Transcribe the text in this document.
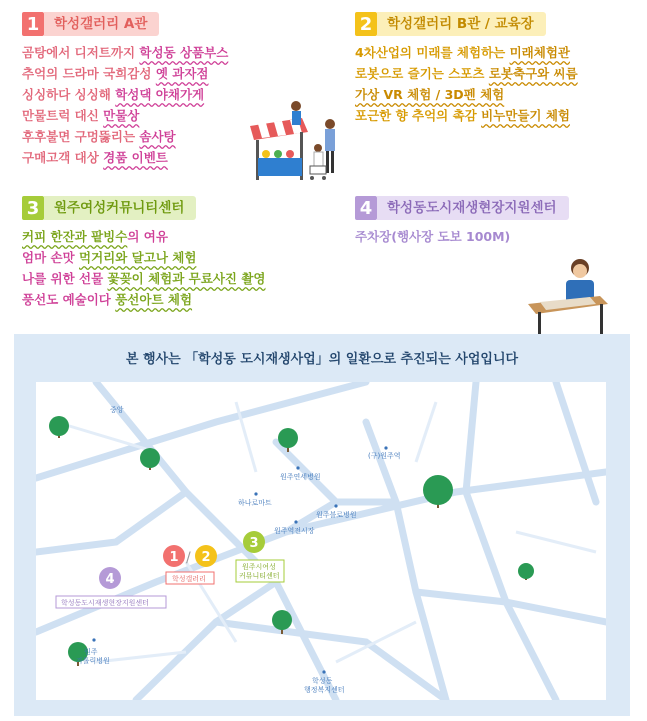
1	학성갤러리 A관
곰탕에서 디저트까지 학성동 상품부스
추억의 드라마 국희감성 옛 과자점
싱싱하다 싱싱해 학성댁 야채가게
만물트럭 대신 만물상
후후불면 구멍뚫리는 솜사탕
구매고객 대상 경품 이벤트
2	학성갤러리 B관 / 교육장
4차산업의 미래를 체험하는 미래체험관
로봇으로 즐기는 스포츠 로봇축구와 씨름
가상 VR 체험 / 3D펜 체험
포근한 향 추억의 촉감 비누만들기 체험
3	원주여성커뮤니티센터
커피 한잔과 팥빙수의 여유
엄마 손맛 먹거리와 달고나 체험
나를 위한 선물 꽃꽂이 체험과 무료사진 촬영
풍선도 예술이다 풍선아트 체험
4	학성동도시재생현장지원센터
주차장(행사장 도보 100M)
본 행사는 「학성동 도시재생사업」의 일환으로 추진되는 사업입니다
중앙
(구)원주역
원주연세병원
하나로마트
원주블로병원
원주역전시장
원주
가톨릭병원
학성동
행정복지센터
1 / 2
학성갤러리
3
원주시여성
커뮤니티센터
4
학성동도시재생현장지원센터
